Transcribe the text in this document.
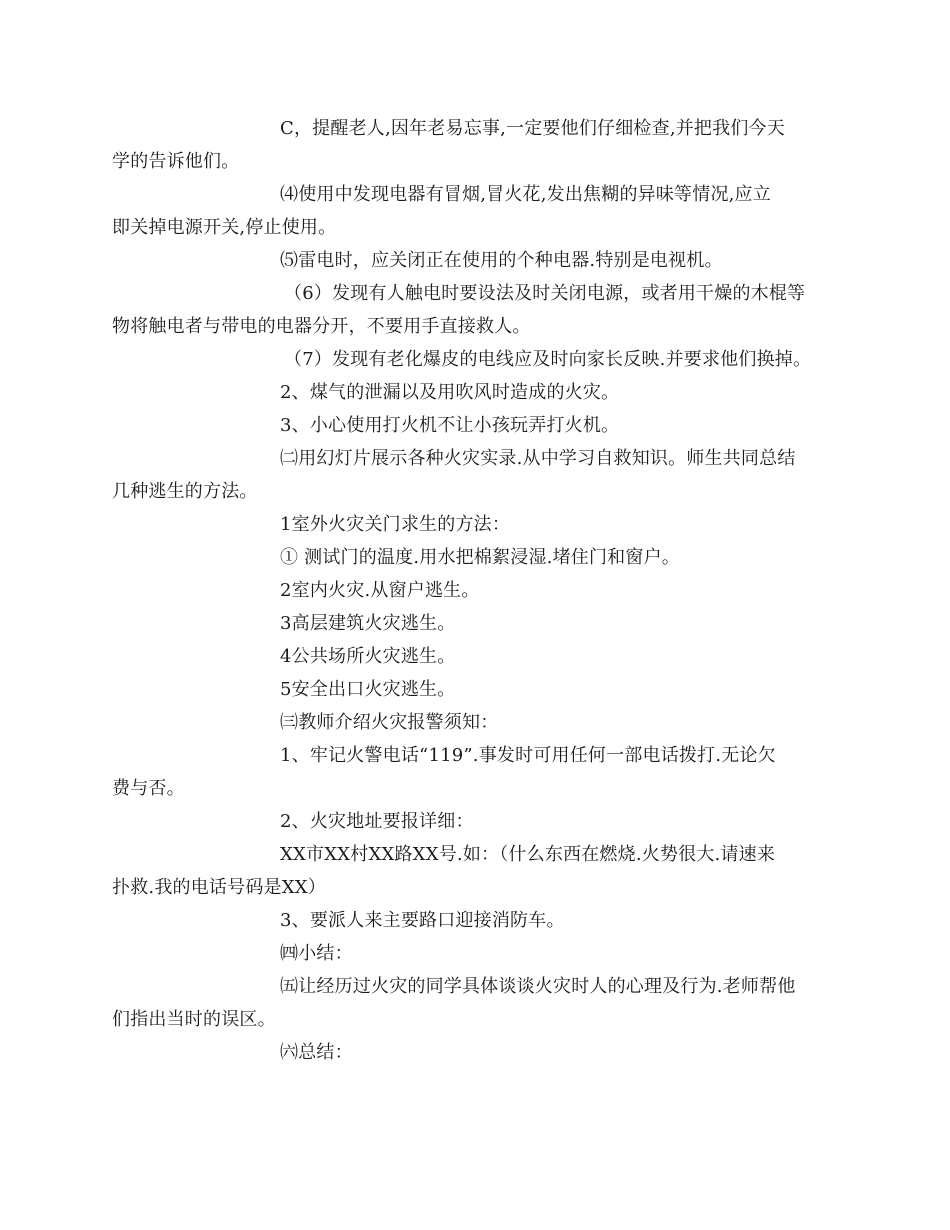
C，提醒老人,因年老易忘事,一定要他们仔细检查,并把我们今天
学的告诉他们。
⑷使用中发现电器有冒烟,冒火花,发出焦糊的异味等情况,应立
即关掉电源开关,停止使用。
⑸雷电时，应关闭正在使用的个种电器.特别是电视机。
（6）发现有人触电时要设法及时关闭电源，或者用干燥的木棍等
物将触电者与带电的电器分开，不要用手直接救人。
（7）发现有老化爆皮的电线应及时向家长反映.并要求他们换掉。
2、煤气的泄漏以及用吹风时造成的火灾。
3、小心使用打火机不让小孩玩弄打火机。
㈡用幻灯片展示各种火灾实录.从中学习自救知识。师生共同总结
几种逃生的方法。
1室外火灾关门求生的方法：
① 测试门的温度.用水把棉絮浸湿.堵住门和窗户。
2室内火灾.从窗户逃生。
3高层建筑火灾逃生。
4公共场所火灾逃生。
5安全出口火灾逃生。
㈢教师介绍火灾报警须知：
1、牢记火警电话“119”.事发时可用任何一部电话拨打.无论欠
费与否。
2、火灾地址要报详细：
XX市XX村XX路XX号.如：（什么东西在燃烧.火势很大.请速来
扑救.我的电话号码是XX）
3、要派人来主要路口迎接消防车。
㈣小结：
㈤让经历过火灾的同学具体谈谈火灾时人的心理及行为.老师帮他
们指出当时的误区。
㈥总结：
